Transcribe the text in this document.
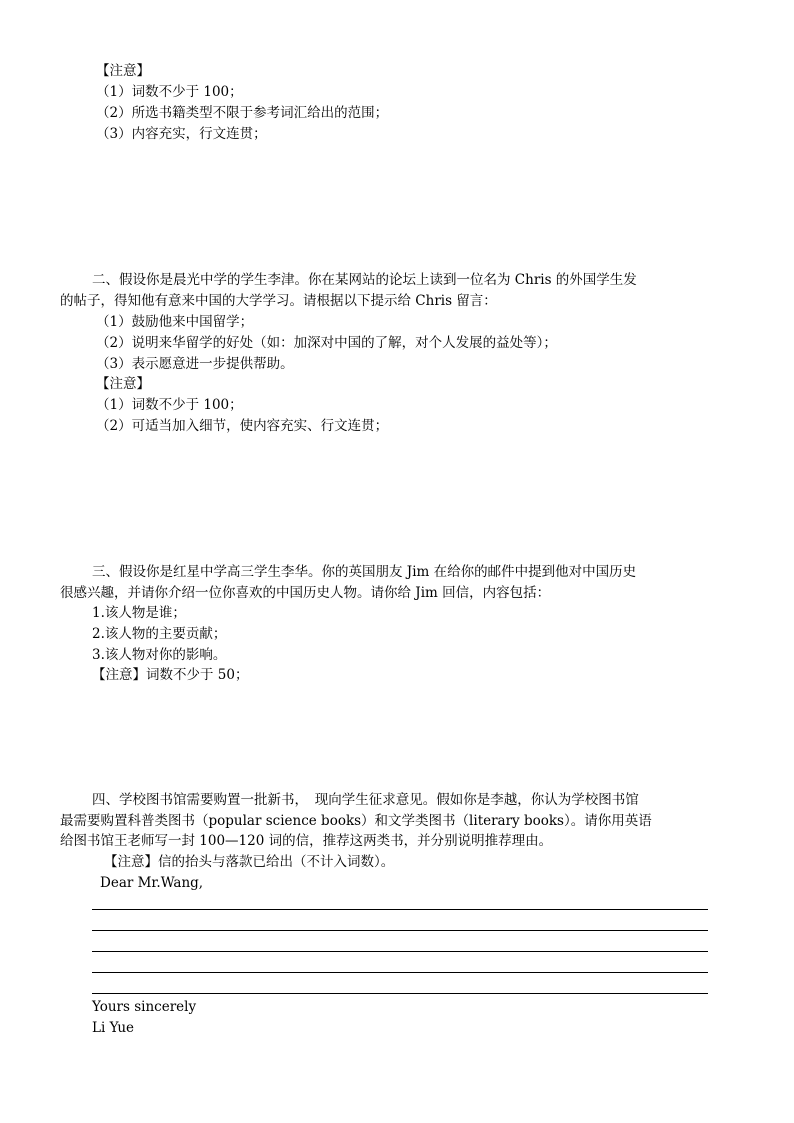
【注意】
（1）词数不少于 100；
（2）所选书籍类型不限于参考词汇给出的范围；
（3）内容充实，行文连贯；
二、假设你是晨光中学的学生李津。你在某网站的论坛上读到一位名为 Chris 的外国学生发
的帖子，得知他有意来中国的大学学习。请根据以下提示给 Chris 留言：
（1）鼓励他来中国留学；
（2）说明来华留学的好处（如：加深对中国的了解，对个人发展的益处等）；
（3）表示愿意进一步提供帮助。
【注意】
（1）词数不少于 100；
（2）可适当加入细节，使内容充实、行文连贯；
三、假设你是红星中学高三学生李华。你的英国朋友 Jim 在给你的邮件中提到他对中国历史
很感兴趣，并请你介绍一位你喜欢的中国历史人物。请你给 Jim 回信，内容包括：
1.该人物是谁；
2.该人物的主要贡献；
3.该人物对你的影响。
【注意】词数不少于 50；
四、学校图书馆需要购置一批新书，　现向学生征求意见。假如你是李越，你认为学校图书馆
最需要购置科普类图书（popular science books）和文学类图书（literary books）。请你用英语
给图书馆王老师写一封 100—120 词的信，推荐这两类书，并分别说明推荐理由。
【注意】信的抬头与落款已给出（不计入词数）。
Dear Mr.Wang,
Yours sincerely
Li Yue
